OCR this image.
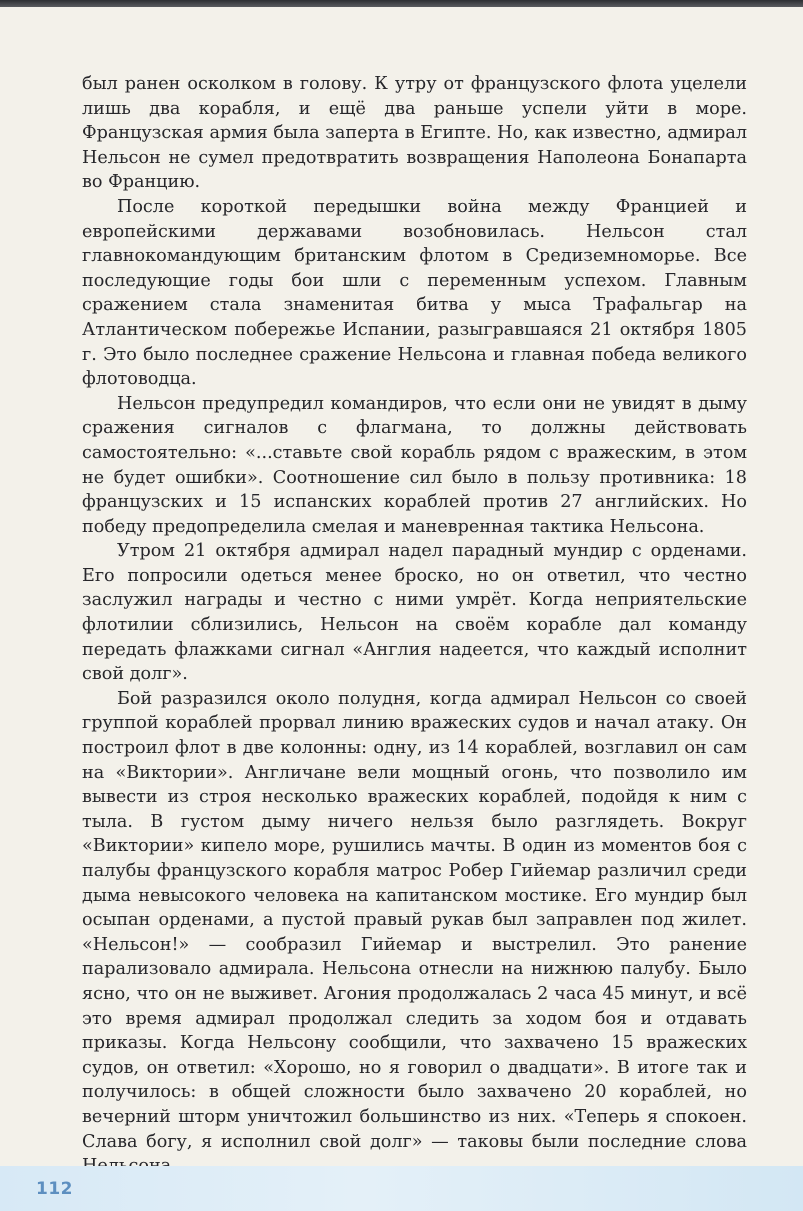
был ранен осколком в голову. К утру от французского флота уцелели лишь два корабля, и ещё два раньше успели уйти в море. Французская армия была заперта в Египте. Но, как известно, адмирал Нельсон не сумел предотвратить возвращения Наполеона Бонапарта во Францию.

После короткой передышки война между Францией и европейскими державами возобновилась. Нельсон стал главнокомандующим британским флотом в Средиземноморье. Все последующие годы бои шли с переменным успехом. Главным сражением стала знаменитая битва у мыса Трафальгар на Атлантическом побережье Испании, разыгравшаяся 21 октября 1805 г. Это было последнее сражение Нельсона и главная победа великого флотоводца.

Нельсон предупредил командиров, что если они не увидят в дыму сражения сигналов с флагмана, то должны действовать самостоятельно: «...ставьте свой корабль рядом с вражеским, в этом не будет ошибки». Соотношение сил было в пользу противника: 18 французских и 15 испанских кораблей против 27 английских. Но победу предопределила смелая и маневренная тактика Нельсона.

Утром 21 октября адмирал надел парадный мундир с орденами. Его попросили одеться менее броско, но он ответил, что честно заслужил награды и честно с ними умрёт. Когда неприятельские флотилии сблизились, Нельсон на своём корабле дал команду передать флажками сигнал «Англия надеется, что каждый исполнит свой долг».

Бой разразился около полудня, когда адмирал Нельсон со своей группой кораблей прорвал линию вражеских судов и начал атаку. Он построил флот в две колонны: одну, из 14 кораблей, возглавил он сам на «Виктории». Англичане вели мощный огонь, что позволило им вывести из строя несколько вражеских кораблей, подойдя к ним с тыла. В густом дыму ничего нельзя было разглядеть. Вокруг «Виктории» кипело море, рушились мачты. В один из моментов боя с палубы французского корабля матрос Робер Гийемар различил среди дыма невысокого человека на капитанском мостике. Его мундир был осыпан орденами, а пустой правый рукав был заправлен под жилет. «Нельсон!» — сообразил Гийемар и выстрелил. Это ранение парализовало адмирала. Нельсона отнесли на нижнюю палубу. Было ясно, что он не выживет. Агония продолжалась 2 часа 45 минут, и всё это время адмирал продолжал следить за ходом боя и отдавать приказы. Когда Нельсону сообщили, что захвачено 15 вражеских судов, он ответил: «Хорошо, но я говорил о двадцати». В итоге так и получилось: в общей сложности было захвачено 20 кораблей, но вечерний шторм уничтожил большинство из них. «Теперь я спокоен. Слава богу, я исполнил свой долг» — таковы были последние слова

112
